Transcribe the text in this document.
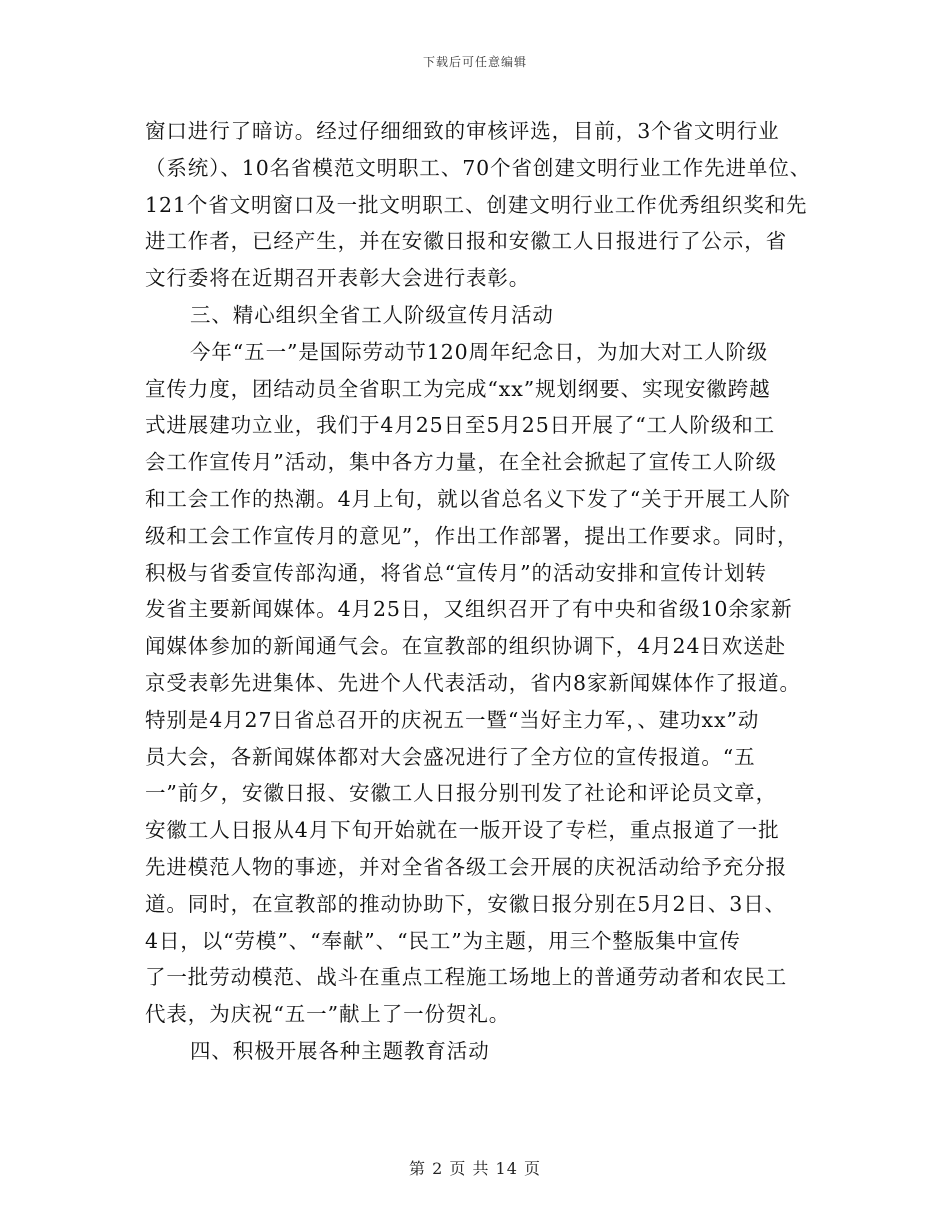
下载后可任意编辑
窗口进行了暗访。经过仔细细致的审核评选，目前，3个省文明行业
（系统）、10名省模范文明职工、70个省创建文明行业工作先进单位、
121个省文明窗口及一批文明职工、创建文明行业工作优秀组织奖和先
进工作者，已经产生，并在安徽日报和安徽工人日报进行了公示，省
文行委将在近期召开表彰大会进行表彰。
三、精心组织全省工人阶级宣传月活动
今年“五一”是国际劳动节120周年纪念日，为加大对工人阶级
宣传力度，团结动员全省职工为完成“xx”规划纲要、实现安徽跨越
式进展建功立业，我们于4月25日至5月25日开展了“工人阶级和工
会工作宣传月”活动，集中各方力量，在全社会掀起了宣传工人阶级
和工会工作的热潮。4月上旬，就以省总名义下发了“关于开展工人阶
级和工会工作宣传月的意见”，作出工作部署，提出工作要求。同时，
积极与省委宣传部沟通，将省总“宣传月”的活动安排和宣传计划转
发省主要新闻媒体。4月25日，又组织召开了有中央和省级10余家新
闻媒体参加的新闻通气会。在宣教部的组织协调下，4月24日欢送赴
京受表彰先进集体、先进个人代表活动，省内8家新闻媒体作了报道。
特别是4月27日省总召开的庆祝五一暨“当好主力军，、建功xx”动
员大会，各新闻媒体都对大会盛况进行了全方位的宣传报道。“五
一”前夕，安徽日报、安徽工人日报分别刊发了社论和评论员文章，
安徽工人日报从4月下旬开始就在一版开设了专栏，重点报道了一批
先进模范人物的事迹，并对全省各级工会开展的庆祝活动给予充分报
道。同时，在宣教部的推动协助下，安徽日报分别在5月2日、3日、
4日，以“劳模”、“奉献”、“民工”为主题，用三个整版集中宣传
了一批劳动模范、战斗在重点工程施工场地上的普通劳动者和农民工
代表，为庆祝“五一”献上了一份贺礼。
四、积极开展各种主题教育活动
第 2 页 共 14 页
